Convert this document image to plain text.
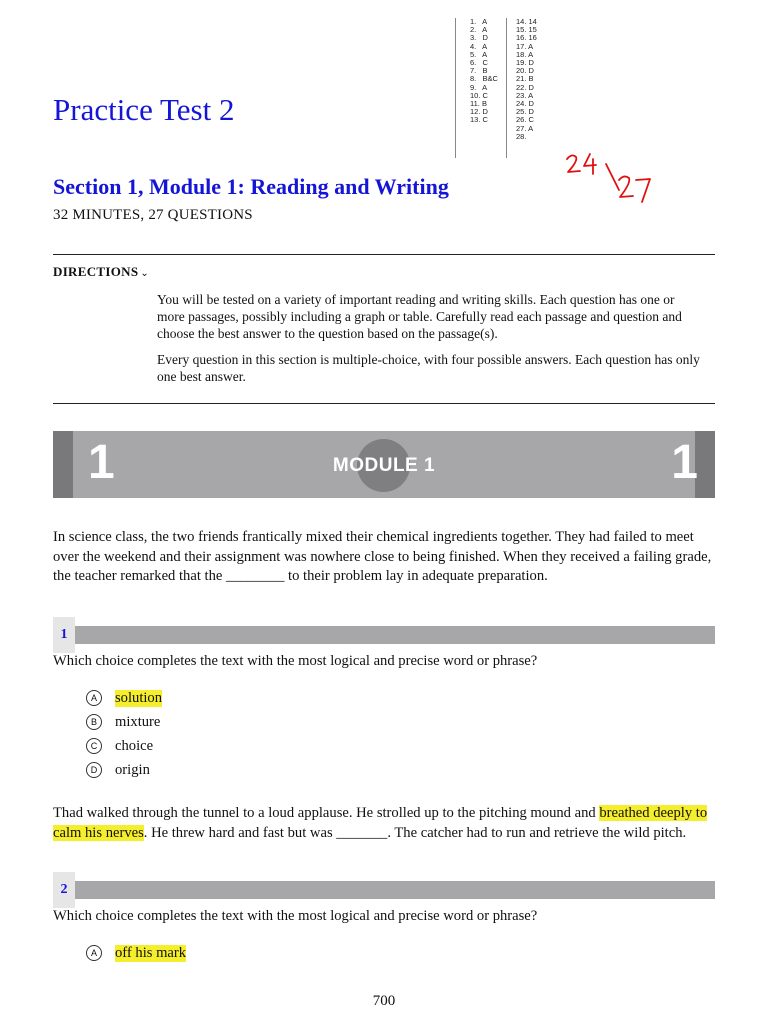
1.   A
2.   A
3.   D
4.   A
5.   A
6.   C
7.   B
8.   B&C
9.   A
10. C
11. B
12. D
13. C
14. 14
15. 15
16. 16
17. A
18. A
19. D
20. D
21. B
22. D
23. A
24. D
25. D
26. C
27. A
28.
Practice Test 2
Section 1, Module 1: Reading and Writing
32 MINUTES, 27 QUESTIONS
DIRECTIONS ⌄
You will be tested on a variety of important reading and writing skills. Each question has one or more passages, possibly including a graph or table. Carefully read each passage and question and choose the best answer to the question based on the passage(s).
Every question in this section is multiple-choice, with four possible answers. Each question has only one best answer.
1	MODULE 1	1
In science class, the two friends frantically mixed their chemical ingredients together. They had failed to meet over the weekend and their assignment was nowhere close to being finished. When they received a failing grade, the teacher remarked that the ________ to their problem lay in adequate preparation.
1
Which choice completes the text with the most logical and precise word or phrase?
A	solution
B	mixture
C	choice
D	origin
Thad walked through the tunnel to a loud applause. He strolled up to the pitching mound and breathed deeply to calm his nerves. He threw hard and fast but was _______. The catcher had to run and retrieve the wild pitch.
2
Which choice completes the text with the most logical and precise word or phrase?
A	off his mark
700
